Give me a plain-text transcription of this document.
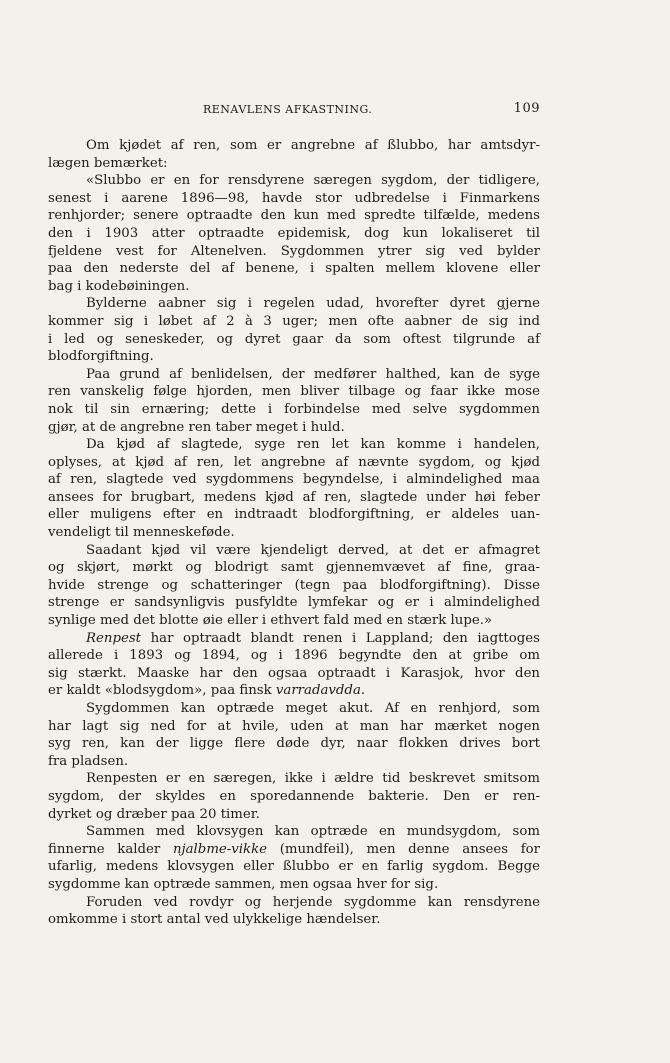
RENAVLENS AFKASTNING.	109
Om kjødet af ren, som er angrebne af ßlubbo, har amtsdyr-
lægen bemærket:
«Slubbo er en for rensdyrene særegen sygdom, der tidligere,
senest i aarene 1896—98, havde stor udbredelse i Finmarkens
renhjorder; senere optraadte den kun med spredte tilfælde, medens
den i 1903 atter optraadte epidemisk, dog kun lokaliseret til
fjeldene vest for Altenelven. Sygdommen ytrer sig ved bylder
paa den nederste del af benene, i spalten mellem klovene eller
bag i kodebøiningen.
Bylderne aabner sig i regelen udad, hvorefter dyret gjerne
kommer sig i løbet af 2 à 3 uger; men ofte aabner de sig ind
i led og seneskeder, og dyret gaar da som oftest tilgrunde af
blodforgiftning.
Paa grund af benlidelsen, der medfører halthed, kan de syge
ren vanskelig følge hjorden, men bliver tilbage og faar ikke mose
nok til sin ernæring; dette i forbindelse med selve sygdommen
gjør, at de angrebne ren taber meget i huld.
Da kjød af slagtede, syge ren let kan komme i handelen,
oplyses, at kjød af ren, let angrebne af nævnte sygdom, og kjød
af ren, slagtede ved sygdommens begyndelse, i almindelighed maa
ansees for brugbart, medens kjød af ren, slagtede under høi feber
eller muligens efter en indtraadt blodforgiftning, er aldeles uan-
vendeligt til menneskeføde.
Saadant kjød vil være kjendeligt derved, at det er afmagret
og skjørt, mørkt og blodrigt samt gjennemvævet af fine, graa-
hvide strenge og schatteringer (tegn paa blodforgiftning). Disse
strenge er sandsynligvis pusfyldte lymfekar og er i almindelighed
synlige med det blotte øie eller i ethvert fald med en stærk lupe.»
Renpest har optraadt blandt renen i Lappland; den iagttoges
allerede i 1893 og 1894, og i 1896 begyndte den at gribe om
sig stærkt. Maaske har den ogsaa optraadt i Karasjok, hvor den
er kaldt «blodsygdom», paa finsk varradavdda.
Sygdommen kan optræde meget akut. Af en renhjord, som
har lagt sig ned for at hvile, uden at man har mærket nogen
syg ren, kan der ligge flere døde dyr, naar flokken drives bort
fra pladsen.
Renpesten er en særegen, ikke i ældre tid beskrevet smitsom
sygdom, der skyldes en sporedannende bakterie. Den er ren-
dyrket og dræber paa 20 timer.
Sammen med klovsygen kan optræde en mundsygdom, som
finnerne kalder njalbme-vikke (mundfeil), men denne ansees for
ufarlig, medens klovsygen eller ßlubbo er en farlig sygdom. Begge
sygdomme kan optræde sammen, men ogsaa hver for sig.
Foruden ved rovdyr og herjende sygdomme kan rensdyrene
omkomme i stort antal ved ulykkelige hændelser.
